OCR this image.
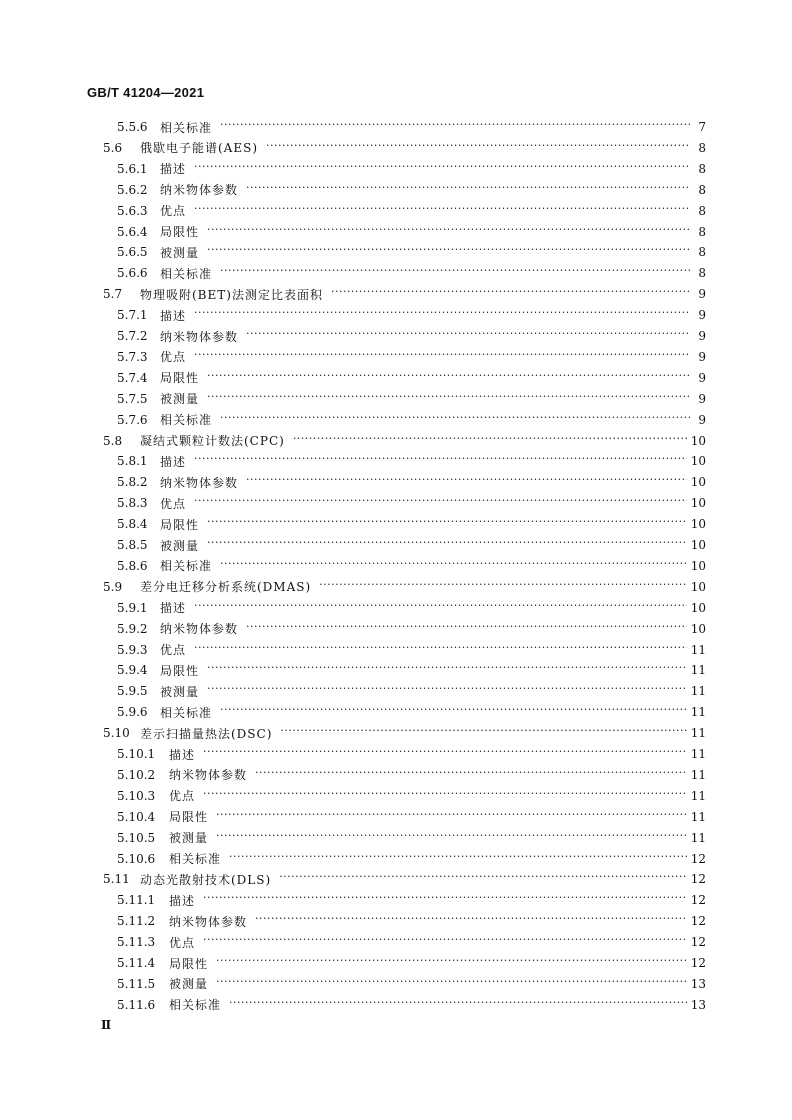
GB/T 41204—2021
5.5.6	相关标准 ·····	7
5.6	俄歇电子能谱(AES) ·····	8
5.6.1	描述 ·····	8
5.6.2	纳米物体参数 ·····	8
5.6.3	优点 ·····	8
5.6.4	局限性 ·····	8
5.6.5	被测量 ·····	8
5.6.6	相关标准 ·····	8
5.7	物理吸附(BET)法测定比表面积 ·····	9
5.7.1	描述 ·····	9
5.7.2	纳米物体参数 ·····	9
5.7.3	优点 ·····	9
5.7.4	局限性 ·····	9
5.7.5	被测量 ·····	9
5.7.6	相关标准 ·····	9
5.8	凝结式颗粒计数法(CPC) ·····	10
5.8.1	描述 ·····	10
5.8.2	纳米物体参数 ·····	10
5.8.3	优点 ·····	10
5.8.4	局限性 ·····	10
5.8.5	被测量 ·····	10
5.8.6	相关标准 ·····	10
5.9	差分电迁移分析系统(DMAS) ·····	10
5.9.1	描述 ·····	10
5.9.2	纳米物体参数 ·····	10
5.9.3	优点 ·····	11
5.9.4	局限性 ·····	11
5.9.5	被测量 ·····	11
5.9.6	相关标准 ·····	11
5.10 差示扫描量热法(DSC) ·····	11
5.10.1	描述 ·····	11
5.10.2	纳米物体参数 ·····	11
5.10.3	优点 ·····	11
5.10.4	局限性 ·····	11
5.10.5	被测量 ·····	11
5.10.6	相关标准 ·····	12
5.11 动态光散射技术(DLS) ·····	12
5.11.1	描述 ·····	12
5.11.2	纳米物体参数 ·····	12
5.11.3	优点 ·····	12
5.11.4	局限性 ·····	12
5.11.5	被测量 ·····	13
5.11.6	相关标准 ·····	13
Ⅱ
